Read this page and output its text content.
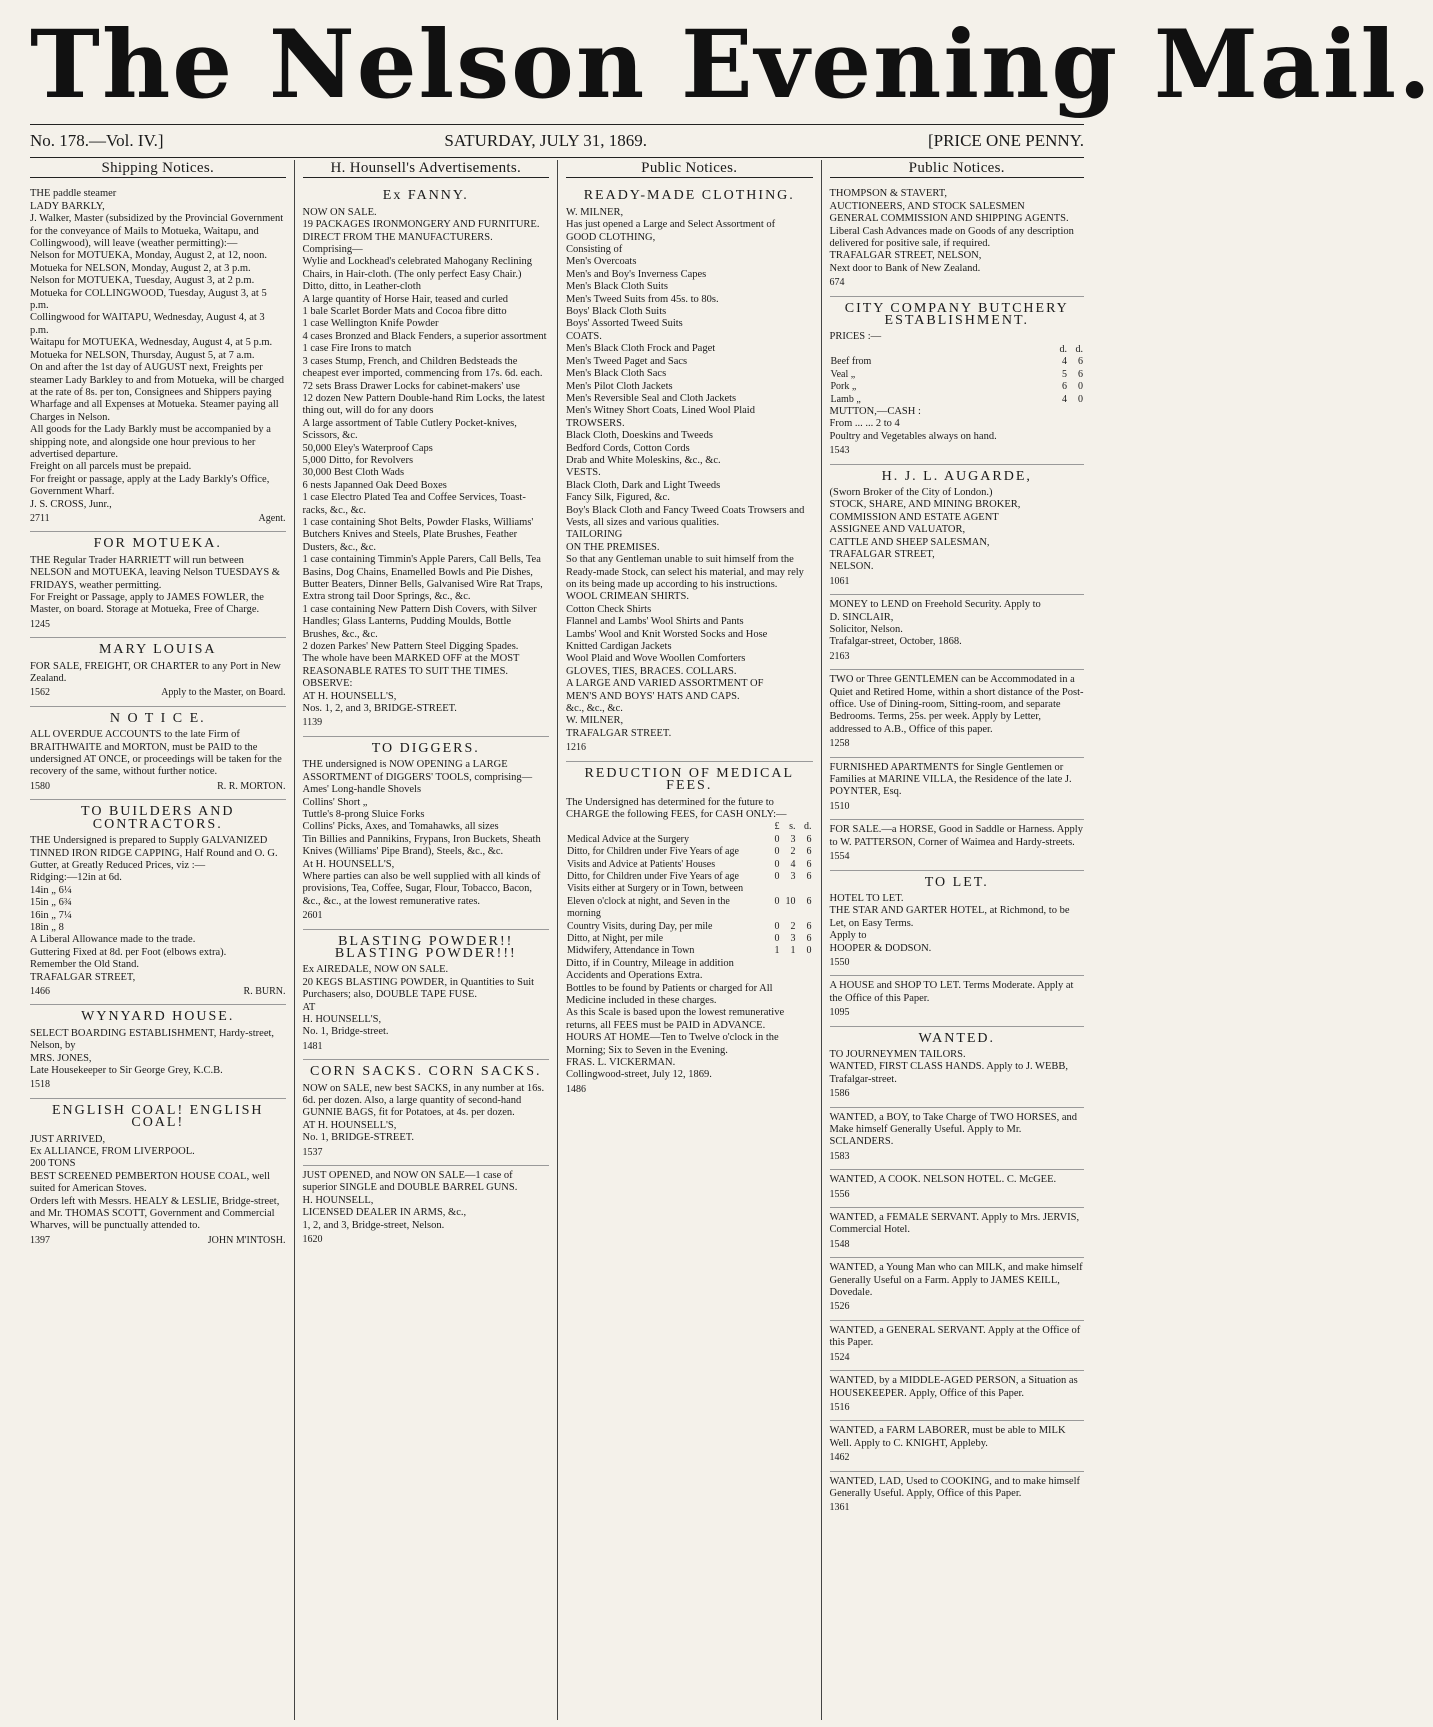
The Nelson Evening Mail.
No. 178.—Vol. IV.]	SATURDAY, JULY 31, 1869.	[PRICE ONE PENNY.
Shipping Notices.
THE paddle steamer
LADY BARKLY,
J. Walker, Master (subsidized by the Provincial Government for the conveyance of Mails to Motueka, Waitapu, and Collingwood), will leave (weather permitting):—
Nelson for MOTUEKA, Monday, August 2, at 12, noon.
Motueka for NELSON, Monday, August 2, at 3 p.m.
Nelson for MOTUEKA, Tuesday, August 3, at 2 p.m.
Motueka for COLLINGWOOD, Tuesday, August 3, at 5 p.m.
Collingwood for WAITAPU, Wednesday, August 4, at 3 p.m.
Waitapu for MOTUEKA, Wednesday, August 4, at 5 p.m.
Motueka for NELSON, Thursday, August 5, at 7 a.m.
On and after the 1st day of AUGUST next, Freights per steamer Lady Barkley to and from Motueka, will be charged at the rate of 8s. per ton, Consignees and Shippers paying Wharfage and all Expenses at Motueka. Steamer paying all Charges in Nelson.
All goods for the Lady Barkly must be accompanied by a shipping note, and alongside one hour previous to her advertised departure.
Freight on all parcels must be prepaid.
For freight or passage, apply at the Lady Barkly's Office, Government Wharf.
J. S. CROSS, Junr.,
2711	Agent.
FOR MOTUEKA.
THE Regular Trader HARRIETT will run between NELSON and MOTUEKA, leaving Nelson TUESDAYS & FRIDAYS, weather permitting.
For Freight or Passage, apply to JAMES FOWLER, the Master, on board. Storage at Motueka, Free of Charge.
1245
MARY LOUISA
FOR SALE, FREIGHT, OR CHARTER to any Port in New Zealand.
1562	Apply to the Master, on Board.
N O T I C E.
ALL OVERDUE ACCOUNTS to the late Firm of BRAITHWAITE and MORTON, must be PAID to the undersigned AT ONCE, or proceedings will be taken for the recovery of the same, without further notice.
1580	R. R. MORTON.
TO BUILDERS AND CONTRACTORS.
THE Undersigned is prepared to Supply GALVANIZED TINNED IRON RIDGE CAPPING, Half Round and O. G. Gutter, at Greatly Reduced Prices, viz :—
Ridging:—12in at 6d.
14in „ 6¼
15in „ 6¾
16in „ 7¼
18in „ 8
A Liberal Allowance made to the trade.
Guttering Fixed at 8d. per Foot (elbows extra).
Remember the Old Stand.
TRAFALGAR STREET,
1466	R. BURN.
WYNYARD HOUSE.
SELECT BOARDING ESTABLISHMENT, Hardy-street, Nelson, by
MRS. JONES,
Late Housekeeper to Sir George Grey, K.C.B.
1518
ENGLISH COAL! ENGLISH COAL!
JUST ARRIVED,
Ex ALLIANCE, FROM LIVERPOOL.
200 TONS
BEST SCREENED PEMBERTON HOUSE COAL, well suited for American Stoves.
Orders left with Messrs. HEALY & LESLIE, Bridge-street, and Mr. THOMAS SCOTT, Government and Commercial Wharves, will be punctually attended to.
1397	JOHN M'INTOSH.
H. Hounsell's Advertisements.
Ex FANNY.
NOW ON SALE.
19 PACKAGES IRONMONGERY AND FURNITURE.
DIRECT FROM THE MANUFACTURERS.
Comprising—
Wylie and Lockhead's celebrated Mahogany Reclining Chairs, in Hair-cloth. (The only perfect Easy Chair.)
Ditto, ditto, in Leather-cloth
A large quantity of Horse Hair, teased and curled
1 bale Scarlet Border Mats and Cocoa fibre ditto
1 case Wellington Knife Powder
4 cases Bronzed and Black Fenders, a superior assortment
1 case Fire Irons to match
3 cases Stump, French, and Children Bedsteads the cheapest ever imported, commencing from 17s. 6d. each.
72 sets Brass Drawer Locks for cabinet-makers' use
12 dozen New Pattern Double-hand Rim Locks, the latest thing out, will do for any doors
A large assortment of Table Cutlery Pocket-knives, Scissors, &c.
50,000 Eley's Waterproof Caps
5,000 Ditto, for Revolvers
30,000 Best Cloth Wads
6 nests Japanned Oak Deed Boxes
1 case Electro Plated Tea and Coffee Services, Toast-racks, &c., &c.
1 case containing Shot Belts, Powder Flasks, Williams' Butchers Knives and Steels, Plate Brushes, Feather Dusters, &c., &c.
1 case containing Timmin's Apple Parers, Call Bells, Tea Basins, Dog Chains, Enamelled Bowls and Pie Dishes, Butter Beaters, Dinner Bells, Galvanised Wire Rat Traps, Extra strong tail Door Springs, &c., &c.
1 case containing New Pattern Dish Covers, with Silver Handles; Glass Lanterns, Pudding Moulds, Bottle Brushes, &c., &c.
2 dozen Parkes' New Pattern Steel Digging Spades.
The whole have been MARKED OFF at the MOST REASONABLE RATES TO SUIT THE TIMES.
OBSERVE:
AT H. HOUNSELL'S,
Nos. 1, 2, and 3, BRIDGE-STREET.
1139
TO DIGGERS.
THE undersigned is NOW OPENING a LARGE ASSORTMENT of DIGGERS' TOOLS, comprising—
Ames' Long-handle Shovels
Collins' Short „
Tuttle's 8-prong Sluice Forks
Collins' Picks, Axes, and Tomahawks, all sizes
Tin Billies and Pannikins, Frypans, Iron Buckets, Sheath Knives (Williams' Pipe Brand), Steels, &c., &c.
At H. HOUNSELL'S,
Where parties can also be well supplied with all kinds of provisions, Tea, Coffee, Sugar, Flour, Tobacco, Bacon, &c., &c., at the lowest remunerative rates.
2601
BLASTING POWDER!! BLASTING POWDER!!!
Ex AIREDALE, NOW ON SALE.
20 KEGS BLASTING POWDER, in Quantities to Suit Purchasers; also, DOUBLE TAPE FUSE.
AT
H. HOUNSELL'S,
No. 1, Bridge-street.
1481
CORN SACKS. CORN SACKS.
NOW on SALE, new best SACKS, in any number at 16s. 6d. per dozen. Also, a large quantity of second-hand GUNNIE BAGS, fit for Potatoes, at 4s. per dozen.
AT H. HOUNSELL'S,
No. 1, BRIDGE-STREET.
1537
JUST OPENED, and NOW ON SALE—1 case of superior SINGLE and DOUBLE BARREL GUNS.
H. HOUNSELL,
LICENSED DEALER IN ARMS, &c.,
1, 2, and 3, Bridge-street, Nelson.
1620
Public Notices.
READY-MADE CLOTHING.
W. MILNER,
Has just opened a Large and Select Assortment of
GOOD CLOTHING,
Consisting of
Men's Overcoats
Men's and Boy's Inverness Capes
Men's Black Cloth Suits
Men's Tweed Suits from 45s. to 80s.
Boys' Black Cloth Suits
Boys' Assorted Tweed Suits
COATS.
Men's Black Cloth Frock and Paget
Men's Tweed Paget and Sacs
Men's Black Cloth Sacs
Men's Pilot Cloth Jackets
Men's Reversible Seal and Cloth Jackets
Men's Witney Short Coats, Lined Wool Plaid
TROWSERS.
Black Cloth, Doeskins and Tweeds
Bedford Cords, Cotton Cords
Drab and White Moleskins, &c., &c.
VESTS.
Black Cloth, Dark and Light Tweeds
Fancy Silk, Figured, &c.
Boy's Black Cloth and Fancy Tweed Coats Trowsers and Vests, all sizes and various qualities.
TAILORING
ON THE PREMISES.
So that any Gentleman unable to suit himself from the Ready-made Stock, can select his material, and may rely on its being made up according to his instructions.
WOOL CRIMEAN SHIRTS.
Cotton Check Shirts
Flannel and Lambs' Wool Shirts and Pants
Lambs' Wool and Knit Worsted Socks and Hose
Knitted Cardigan Jackets
Wool Plaid and Wove Woollen Comforters
GLOVES, TIES, BRACES. COLLARS.
A LARGE AND VARIED ASSORTMENT OF
MEN'S AND BOYS' HATS AND CAPS.
&c., &c., &c.
W. MILNER,
TRAFALGAR STREET.
1216
REDUCTION OF MEDICAL FEES.
The Undersigned has determined for the future to CHARGE the following FEES, for CASH ONLY:—
	£	s.	d.
Medical Advice at the Surgery	0	3	6
Ditto, for Children under Five Years of age	0	2	6
Visits and Advice at Patients' Houses	0	4	6
Ditto, for Children under Five Years of age	0	3	6
Visits either at Surgery or in Town, between Eleven o'clock at night, and Seven in the morning	0	10	6
Country Visits, during Day, per mile	0	2	6
Ditto, at Night, per mile	0	3	6
Midwifery, Attendance in Town	1	1	0
Ditto, if in Country, Mileage in addition
Accidents and Operations Extra.
Bottles to be found by Patients or charged for All Medicine included in these charges.
As this Scale is based upon the lowest remunerative returns, all FEES must be PAID in ADVANCE.
HOURS AT HOME—Ten to Twelve o'clock in the Morning; Six to Seven in the Evening.
FRAS. L. VICKERMAN.
Collingwood-street, July 12, 1869.
1486
Public Notices.
THOMPSON & STAVERT,
AUCTIONEERS, AND STOCK SALESMEN
GENERAL COMMISSION AND SHIPPING AGENTS.
Liberal Cash Advances made on Goods of any description delivered for positive sale, if required.
TRAFALGAR STREET, NELSON,
Next door to Bank of New Zealand.
674
CITY COMPANY BUTCHERY ESTABLISHMENT.
PRICES :—
	d.	d.
Beef from	4	6
Veal „	5	6
Pork „	6	0
Lamb „	4	0
MUTTON,—CASH :
From ... ... 2 to 4
Poultry and Vegetables always on hand.
1543
H. J. L. AUGARDE,
(Sworn Broker of the City of London.)
STOCK, SHARE, AND MINING BROKER,
COMMISSION AND ESTATE AGENT
ASSIGNEE AND VALUATOR,
CATTLE AND SHEEP SALESMAN,
TRAFALGAR STREET,
NELSON.
1061
MONEY to LEND on Freehold Security. Apply to
D. SINCLAIR,
Solicitor, Nelson.
Trafalgar-street, October, 1868.
2163
TWO or Three GENTLEMEN can be Accommodated in a Quiet and Retired Home, within a short distance of the Post-office. Use of Dining-room, Sitting-room, and separate Bedrooms. Terms, 25s. per week. Apply by Letter, addressed to A.B., Office of this paper.
1258
FURNISHED APARTMENTS for Single Gentlemen or Families at MARINE VILLA, the Residence of the late J. POYNTER, Esq.
1510
FOR SALE.—a HORSE, Good in Saddle or Harness. Apply to W. PATTERSON, Corner of Waimea and Hardy-streets.
1554
TO LET.
HOTEL TO LET.
THE STAR AND GARTER HOTEL, at Richmond, to be Let, on Easy Terms.
Apply to
HOOPER & DODSON.
1550
A HOUSE and SHOP TO LET. Terms Moderate. Apply at the Office of this Paper.
1095
WANTED.
TO JOURNEYMEN TAILORS.
WANTED, FIRST CLASS HANDS. Apply to J. WEBB, Trafalgar-street.
1586
WANTED, a BOY, to Take Charge of TWO HORSES, and Make himself Generally Useful. Apply to Mr. SCLANDERS.
1583
WANTED, A COOK. NELSON HOTEL. C. McGEE.
1556
WANTED, a FEMALE SERVANT. Apply to Mrs. JERVIS, Commercial Hotel.
1548
WANTED, a Young Man who can MILK, and make himself Generally Useful on a Farm. Apply to JAMES KEILL, Dovedale.
1526
WANTED, a GENERAL SERVANT. Apply at the Office of this Paper.
1524
WANTED, by a MIDDLE-AGED PERSON, a Situation as HOUSEKEEPER. Apply, Office of this Paper.
1516
WANTED, a FARM LABORER, must be able to MILK Well. Apply to C. KNIGHT, Appleby.
1462
WANTED, LAD, Used to COOKING, and to make himself Generally Useful. Apply, Office of this Paper.
1361
